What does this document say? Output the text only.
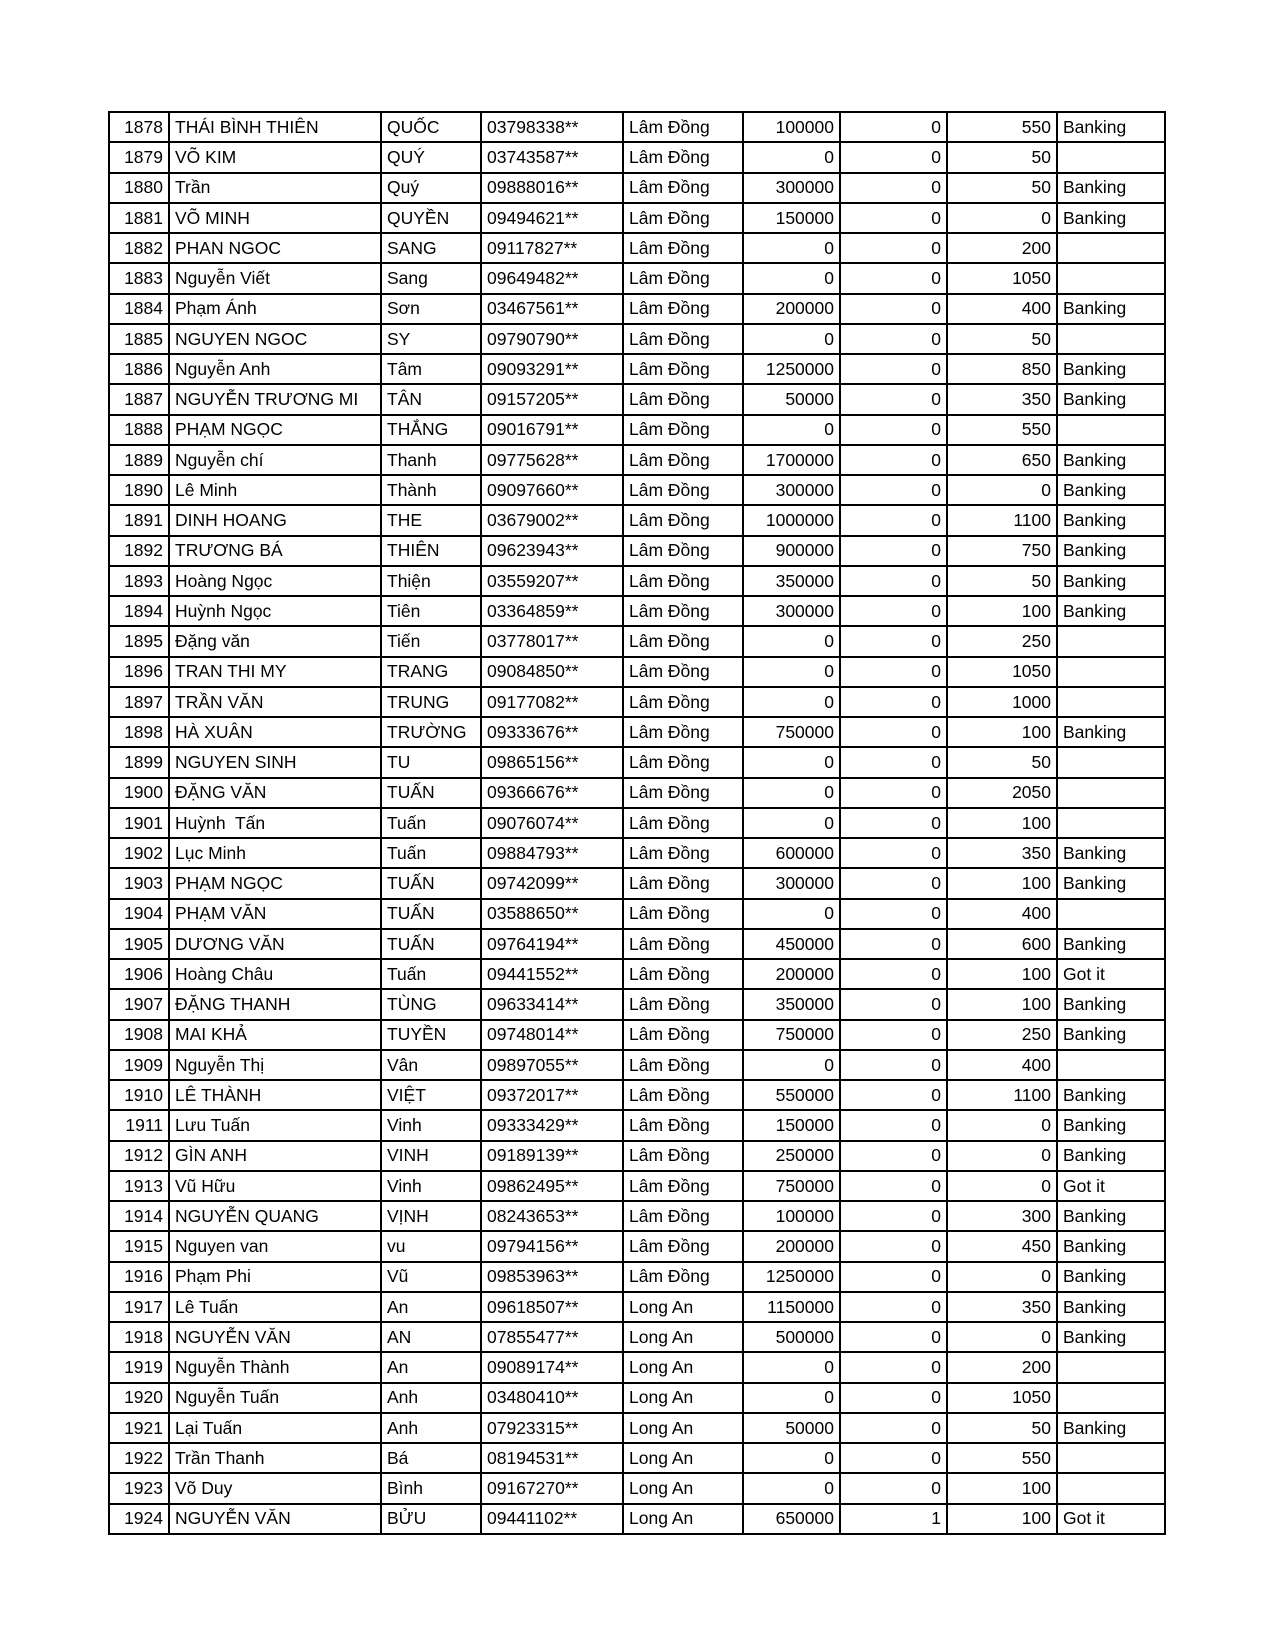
1878	THÁI BÌNH THIÊN	QUỐC	03798338**	Lâm Đồng	100000	0	550	Banking
1879	VÕ KIM	QUÝ	03743587**	Lâm Đồng	0	0	50	
1880	Trần	Quý	09888016**	Lâm Đồng	300000	0	50	Banking
1881	VÕ MINH	QUYỀN	09494621**	Lâm Đồng	150000	0	0	Banking
1882	PHAN NGOC	SANG	09117827**	Lâm Đồng	0	0	200	
1883	Nguyễn Viết	Sang	09649482**	Lâm Đồng	0	0	1050	
1884	Phạm Ánh	Sơn	03467561**	Lâm Đồng	200000	0	400	Banking
1885	NGUYEN NGOC	SY	09790790**	Lâm Đồng	0	0	50	
1886	Nguyễn Anh	Tâm	09093291**	Lâm Đồng	1250000	0	850	Banking
1887	NGUYỄN TRƯƠNG MI	TÂN	09157205**	Lâm Đồng	50000	0	350	Banking
1888	PHẠM NGỌC	THẮNG	09016791**	Lâm Đồng	0	0	550	
1889	Nguyễn chí	Thanh	09775628**	Lâm Đồng	1700000	0	650	Banking
1890	Lê Minh	Thành	09097660**	Lâm Đồng	300000	0	0	Banking
1891	DINH HOANG	THE	03679002**	Lâm Đồng	1000000	0	1100	Banking
1892	TRƯƠNG BÁ	THIÊN	09623943**	Lâm Đồng	900000	0	750	Banking
1893	Hoàng Ngọc	Thiện	03559207**	Lâm Đồng	350000	0	50	Banking
1894	Huỳnh Ngọc	Tiên	03364859**	Lâm Đồng	300000	0	100	Banking
1895	Đặng văn	Tiến	03778017**	Lâm Đồng	0	0	250	
1896	TRAN THI MY	TRANG	09084850**	Lâm Đồng	0	0	1050	
1897	TRẦN VĂN	TRUNG	09177082**	Lâm Đồng	0	0	1000	
1898	HÀ XUÂN	TRƯỜNG	09333676**	Lâm Đồng	750000	0	100	Banking
1899	NGUYEN SINH	TU	09865156**	Lâm Đồng	0	0	50	
1900	ĐẶNG VĂN	TUẤN	09366676**	Lâm Đồng	0	0	2050	
1901	Huỳnh  Tấn	Tuấn	09076074**	Lâm Đồng	0	0	100	
1902	Lục Minh	Tuấn	09884793**	Lâm Đồng	600000	0	350	Banking
1903	PHẠM NGỌC	TUẤN	09742099**	Lâm Đồng	300000	0	100	Banking
1904	PHẠM VĂN	TUẤN	03588650**	Lâm Đồng	0	0	400	
1905	DƯƠNG VĂN	TUẤN	09764194**	Lâm Đồng	450000	0	600	Banking
1906	Hoàng Châu	Tuấn	09441552**	Lâm Đồng	200000	0	100	Got it
1907	ĐẶNG THANH	TÙNG	09633414**	Lâm Đồng	350000	0	100	Banking
1908	MAI KHẢ	TUYỀN	09748014**	Lâm Đồng	750000	0	250	Banking
1909	Nguyễn Thị	Vân	09897055**	Lâm Đồng	0	0	400	
1910	LÊ THÀNH	VIỆT	09372017**	Lâm Đồng	550000	0	1100	Banking
1911	Lưu Tuấn	Vinh	09333429**	Lâm Đồng	150000	0	0	Banking
1912	GÌN ANH	VINH	09189139**	Lâm Đồng	250000	0	0	Banking
1913	Vũ Hữu	Vinh	09862495**	Lâm Đồng	750000	0	0	Got it
1914	NGUYỄN QUANG	VỊNH	08243653**	Lâm Đồng	100000	0	300	Banking
1915	Nguyen van	vu	09794156**	Lâm Đồng	200000	0	450	Banking
1916	Phạm Phi	Vũ	09853963**	Lâm Đồng	1250000	0	0	Banking
1917	Lê Tuấn	An	09618507**	Long An	1150000	0	350	Banking
1918	NGUYỄN VĂN	AN	07855477**	Long An	500000	0	0	Banking
1919	Nguyễn Thành	An	09089174**	Long An	0	0	200	
1920	Nguyễn Tuấn	Anh	03480410**	Long An	0	0	1050	
1921	Lại Tuấn	Anh	07923315**	Long An	50000	0	50	Banking
1922	Trần Thanh	Bá	08194531**	Long An	0	0	550	
1923	Võ Duy	Bình	09167270**	Long An	0	0	100	
1924	NGUYỄN VĂN	BỬU	09441102**	Long An	650000	1	100	Got it
